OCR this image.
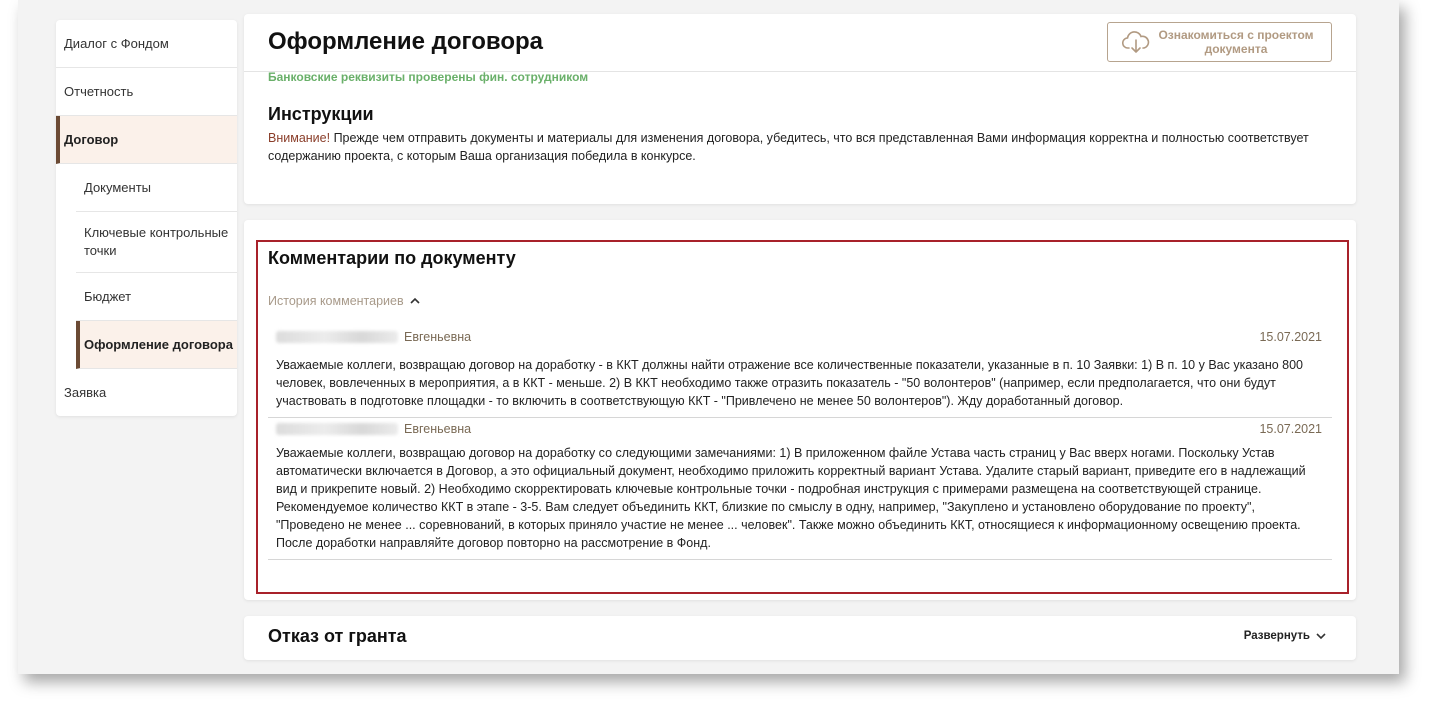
Диалог с Фондом
Отчетность
Договор
Документы
Ключевые контрольные точки
Бюджет
Оформление договора
Заявка
Оформление договора	Ознакомиться с проектом документа
Банковские реквизиты проверены фин. сотрудником
Инструкции

Внимание! Прежде чем отправить документы и материалы для изменения договора, убедитесь, что вся представленная Вами информация корректна и полностью соответствует содержанию проекта, с которым Ваша организация победила в конкурсе.

Комментарии по документу
История комментариев
Евгеньевна	15.07.2021

Уважаемые коллеги, возвращаю договор на доработку - в ККТ должны найти отражение все количественные показатели, указанные в п. 10 Заявки: 1) В п. 10 у Вас указано 800 человек, вовлеченных в мероприятия, а в ККТ - меньше. 2) В ККТ необходимо также отразить показатель - "50 волонтеров" (например, если предполагается, что они будут участвовать в подготовке площадки - то включить в соответствующую ККТ - "Привлечено не менее 50 волонтеров"). Жду доработанный договор.

Евгеньевна	15.07.2021

Уважаемые коллеги, возвращаю договор на доработку со следующими замечаниями: 1) В приложенном файле Устава часть страниц у Вас вверх ногами. Поскольку Устав автоматически включается в Договор, а это официальный документ, необходимо приложить корректный вариант Устава. Удалите старый вариант, приведите его в надлежащий вид и прикрепите новый. 2) Необходимо скорректировать ключевые контрольные точки - подробная инструкция с примерами размещена на соответствующей странице. Рекомендуемое количество ККТ в этапе - 3-5. Вам следует объединить ККТ, близкие по смыслу в одну, например, "Закуплено и установлено оборудование по проекту", "Проведено не менее ... соревнований, в которых приняло участие не менее ... человек". Также можно объединить ККТ, относящиеся к информационному освещению проекта. После доработки направляйте договор повторно на рассмотрение в Фонд.

Отказ от гранта	Развернуть
